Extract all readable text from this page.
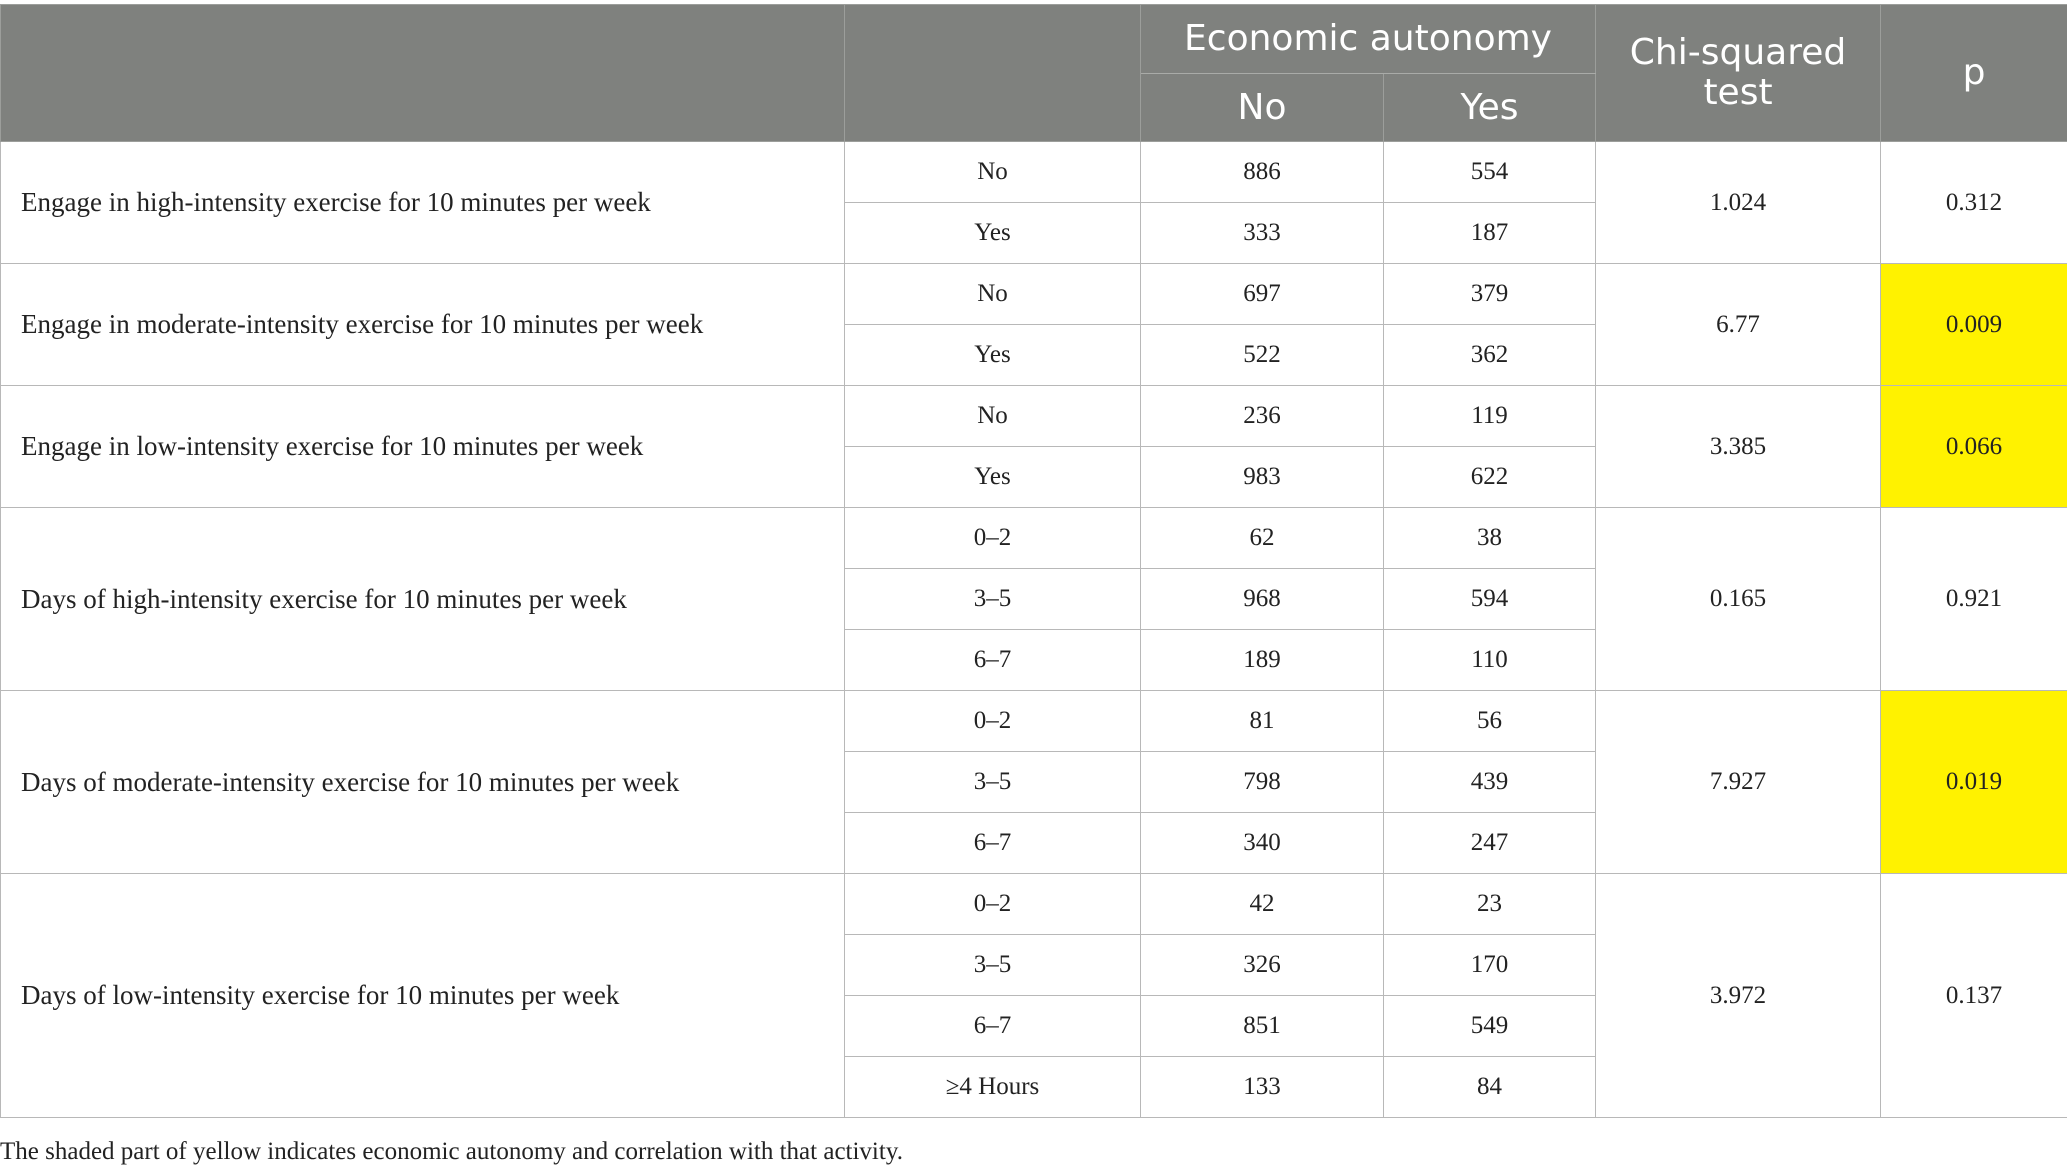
		Economic autonomy		Chi-squared test	p
		No	Yes		
Engage in high-intensity exercise for 10 minutes per week	No	886	554	1.024	0.312
	Yes	333	187		
Engage in moderate-intensity exercise for 10 minutes per week	No	697	379	6.77	0.009
	Yes	522	362		
Engage in low-intensity exercise for 10 minutes per week	No	236	119	3.385	0.066
	Yes	983	622		
Days of high-intensity exercise for 10 minutes per week	0–2	62	38	0.165	0.921
	3–5	968	594		
	6–7	189	110		
Days of moderate-intensity exercise for 10 minutes per week	0–2	81	56	7.927	0.019
	3–5	798	439		
	6–7	340	247		
Days of low-intensity exercise for 10 minutes per week	0–2	42	23	3.972	0.137
	3–5	326	170		
	6–7	851	549		
	≥4 Hours	133	84		
The shaded part of yellow indicates economic autonomy and correlation with that activity.
